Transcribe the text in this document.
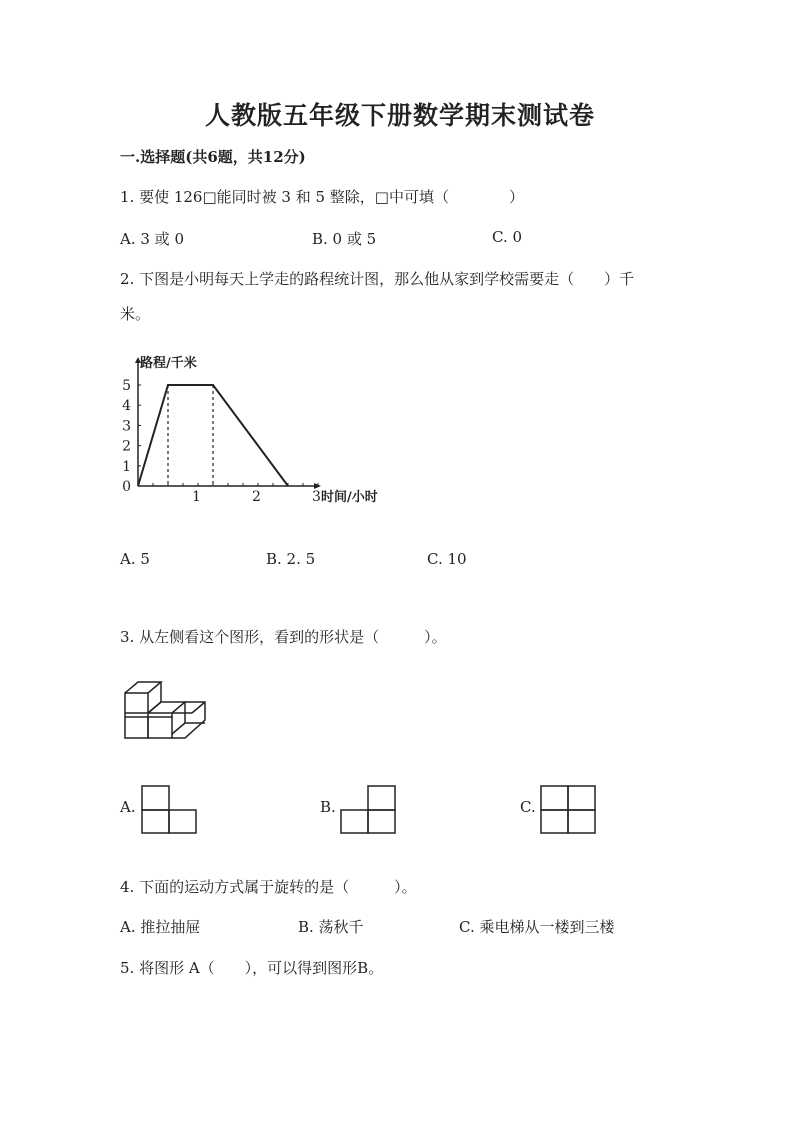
人教版五年级下册数学期末测试卷
一.选择题(共6题，共12分)
1. 要使 126□能同时被 3 和 5 整除，□中可填（　　　　）
A. 3 或 0	B. 0 或 5	C. 0
2. 下图是小明每天上学走的路程统计图，那么他从家到学校需要走（　　）千
米。
0
1
2
3
4
5
1	2	3
路程/千米
时间/小时
A. 5	B. 2. 5	C. 10
3. 从左侧看这个图形，看到的形状是（　　　）。
A.	B.	C.
4. 下面的运动方式属于旋转的是（　　　）。
A. 推拉抽屉	B. 荡秋千	C. 乘电梯从一楼到三楼
5. 将图形 A（　　），可以得到图形B。
